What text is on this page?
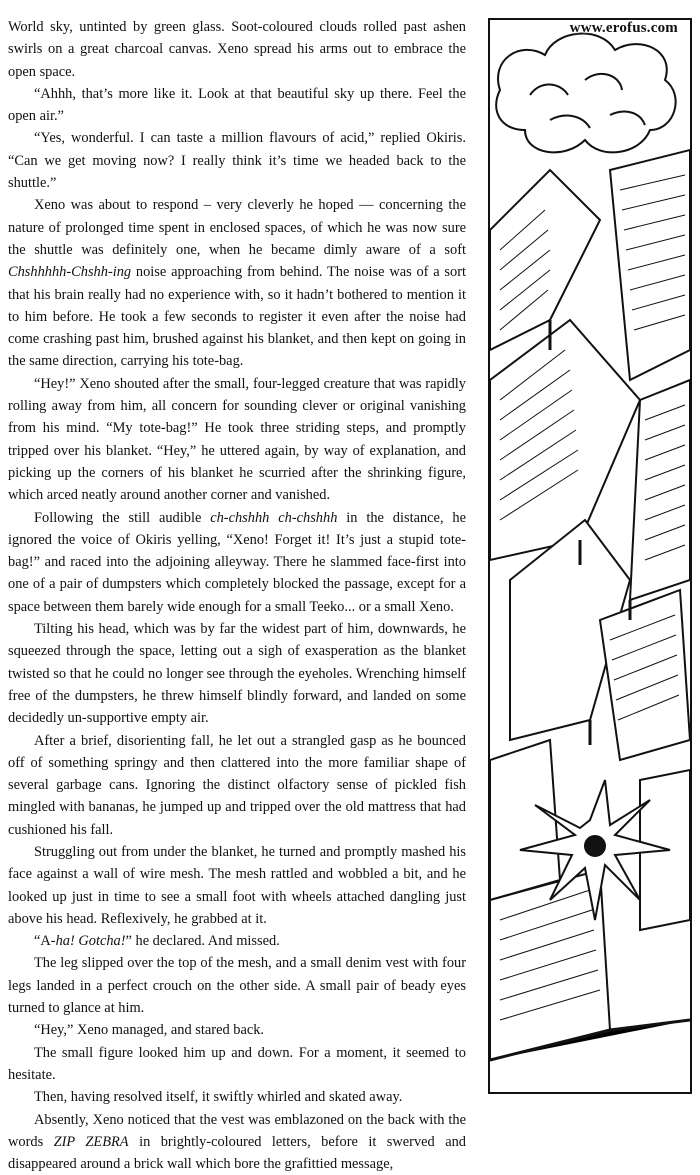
World sky, untinted by green glass. Soot-coloured clouds rolled past ashen swirls on a great charcoal canvas. Xeno spread his arms out to embrace the open space.

“Ahhh, that’s more like it. Look at that beautiful sky up there. Feel the open air.”

“Yes, wonderful. I can taste a million flavours of acid,” replied Okiris. “Can we get moving now? I really think it’s time we headed back to the shuttle.”

Xeno was about to respond – very cleverly he hoped — concerning the nature of prolonged time spent in enclosed spaces, of which he was now sure the shuttle was definitely one, when he became dimly aware of a soft Chshhhhh-Chshh-ing noise approaching from behind. The noise was of a sort that his brain really had no experience with, so it hadn’t bothered to mention it to him before. He took a few seconds to register it even after the noise had come crashing past him, brushed against his blanket, and then kept on going in the same direction, carrying his tote-bag.

“Hey!” Xeno shouted after the small, four-legged creature that was rapidly rolling away from him, all concern for sounding clever or original vanishing from his mind. “My tote-bag!” He took three striding steps, and promptly tripped over his blanket. “Hey,” he uttered again, by way of explanation, and picking up the corners of his blanket he scurried after the shrinking figure, which arced neatly around another corner and vanished.

Following the still audible ch-chshhh ch-chshhh in the distance, he ignored the voice of Okiris yelling, “Xeno! Forget it! It’s just a stupid tote-bag!” and raced into the adjoining alleyway. There he slammed face-first into one of a pair of dumpsters which completely blocked the passage, except for a space between them barely wide enough for a small Teeko... or a small Xeno.

Tilting his head, which was by far the widest part of him, downwards, he squeezed through the space, letting out a sigh of exasperation as the blanket twisted so that he could no longer see through the eyeholes. Wrenching himself free of the dumpsters, he threw himself blindly forward, and landed on some decidedly un-supportive empty air.

After a brief, disorienting fall, he let out a strangled gasp as he bounced off of something springy and then clattered into the more familiar shape of several garbage cans. Ignoring the distinct olfactory sense of pickled fish mingled with bananas, he jumped up and tripped over the old mattress that had cushioned his fall.

Struggling out from under the blanket, he turned and promptly mashed his face against a wall of wire mesh. The mesh rattled and wobbled a bit, and he looked up just in time to see a small foot with wheels attached dangling just above his head. Reflexively, he grabbed at it.

“A-ha! Gotcha!” he declared. And missed.

The leg slipped over the top of the mesh, and a small denim vest with four legs landed in a perfect crouch on the other side. A small pair of beady eyes turned to glance at him.

“Hey,” Xeno managed, and stared back.

The small figure looked him up and down. For a moment, it seemed to hesitate.

Then, having resolved itself, it swiftly whirled and skated away.

Absently, Xeno noticed that the vest was emblazoned on the back with the words ZIP ZEBRA in brightly-coloured letters, before it swerved and disappeared around a brick wall which bore the grafittied message,

www.erofus.com
